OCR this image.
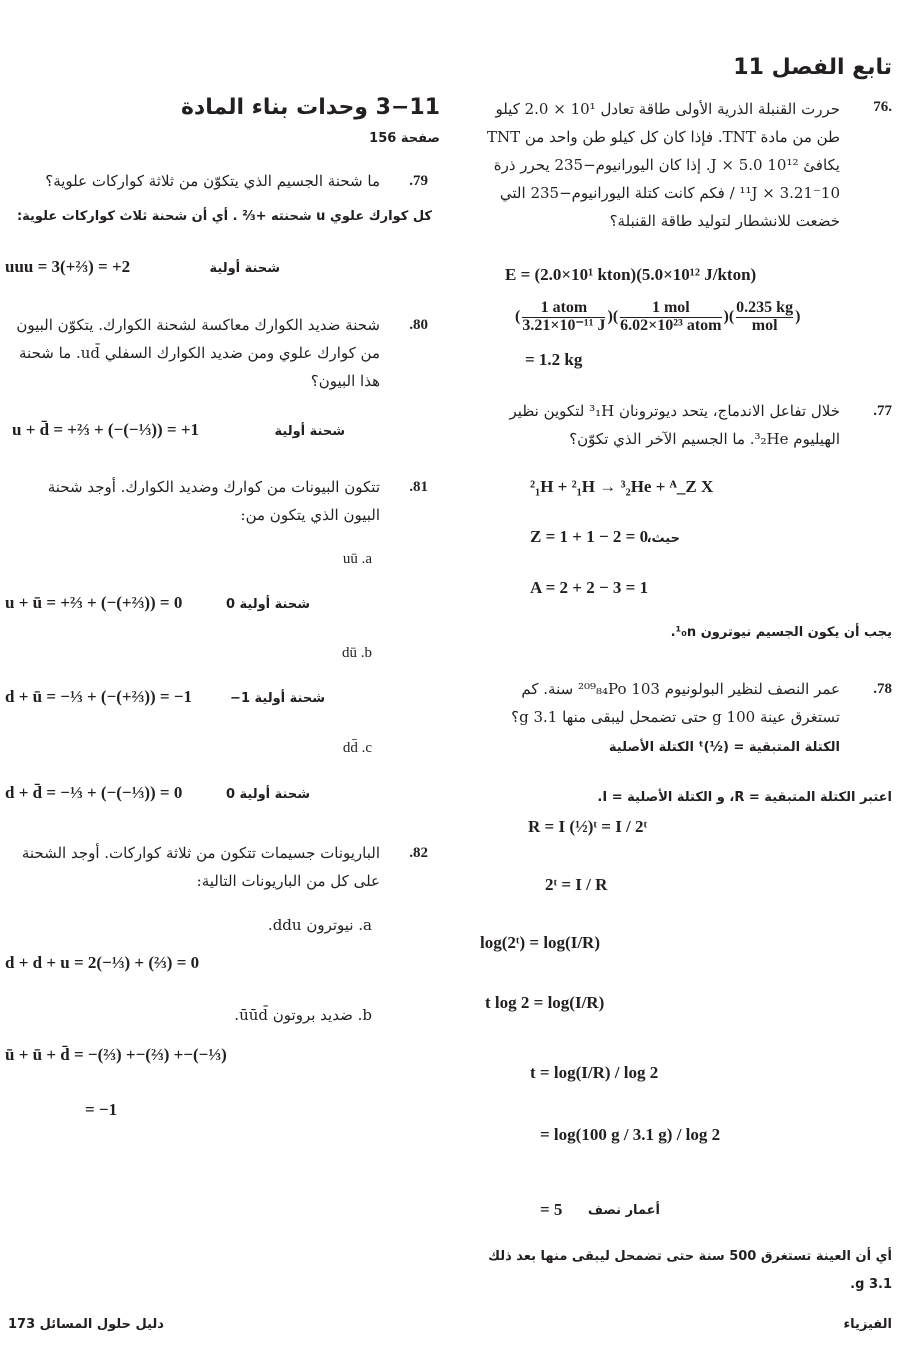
تابع الفصل 11
76.
حررت القنبلة الذرية الأولى طاقة تعادل 10¹ × 2.0 كيلو طن من مادة TNT. فإذا كان كل كيلو طن واحد من TNT يكافئ 10¹² J × 5.0. إذا كان اليورانيوم−235 يحرر ذرة 10⁻¹¹J × 3.21 / فكم كانت كتلة اليورانيوم−235 التي خضعت للانشطار لتوليد طاقة القنبلة؟
E = (2.0×10¹ kton)(5.0×10¹² J/kton)
( $\frac{\text{1 atom}}{\text{3.21×10⁻¹¹ J}}$ )( $\frac{\text{1 mol}}{\text{6.02×10²³ atom}}$ )( $\frac{0.235 kg}{\text{mol}}$ )
= 1.2 kg
.77
خلال تفاعل الاندماج، يتحد ديوترونان ³₁H لتكوين نظير الهيليوم ³₂He. ما الجسيم الآخر الذي تكوّن؟
²₁H + ²₁H → ³₂He + ᴬ_Z X
Z = 1 + 1 − 2 = 0
حيث،
A = 2 + 2 − 3 = 1
يجب أن يكون الجسيم نيوترون ¹₀n.
.78
عمر النصف لنظير البولونيوم ²⁰⁹₈₄Po 103 سنة. كم تستغرق عينة 100 g حتى تضمحل ليبقى منها 3.1 g؟
الكتلة المتبقية = (½)ᵗ الكتلة الأصلية
اعتبر الكتلة المتبقية = R، و الكتلة الأصلية = I.
R = I (½)ᵗ = I / 2ᵗ
2ᵗ = I / R
log(2ᵗ) = log(I/R)
t log 2 = log(I/R)
t = log(I/R) / log 2
= log(100 g / 3.1 g) / log 2
= 5 أعمار نصف
أي أن العينة تستغرق 500 سنة حتى تضمحل ليبقى منها بعد ذلك 3.1 g.
3−11 وحدات بناء المادة
صفحة 156
.79
ما شحنة الجسيم الذي يتكوّن من ثلاثة كواركات علوية؟
كل كوارك علوي u شحنته +⅔ . أي أن شحنة ثلاث كواركات علوية:
uuu = 3(+⅔) = +2	شحنة أولية
.80
شحنة ضديد الكوارك معاكسة لشحنة الكوارك. يتكوّن البيون من كوارك علوي ومن ضديد الكوارك السفلي ud̄. ما شحنة هذا البيون؟
u + d̄ = +⅔ + (−(−⅓)) = +1	شحنة أولية
.81
تتكون البيونات من كوارك وضديد الكوارك. أوجد شحنة البيون الذي يتكون من:
uū .a
u + ū = +⅔ + (−(+⅔)) = 0	شحنة أولية 0
dū .b
d + ū = −⅓ + (−(+⅔)) = −1	شحنة أولية 1−
dd̄ .c
d + d̄ = −⅓ + (−(−⅓)) = 0	شحنة أولية 0
.82
الباريونات جسيمات تتكون من ثلاثة كواركات. أوجد الشحنة على كل من الباريونات التالية:
a. نيوترون ddu.
d + d + u = 2(−⅓) + (⅔) = 0
b. ضديد بروتون ūūd̄.
ū + ū + d̄ = −(⅔) +−(⅔) +−(−⅓)
= −1
دليل حلول المسائل 173	الفيزياء
